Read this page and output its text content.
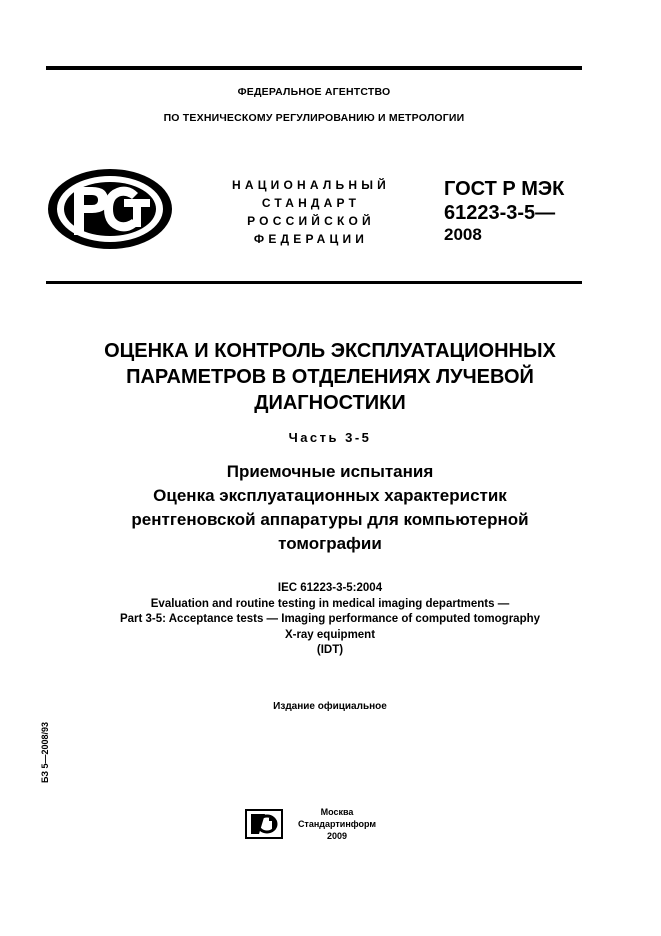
ФЕДЕРАЛЬНОЕ АГЕНТСТВО
ПО ТЕХНИЧЕСКОМУ РЕГУЛИРОВАНИЮ И МЕТРОЛОГИИ
НАЦИОНАЛЬНЫЙ
СТАНДАРТ
РОССИЙСКОЙ
ФЕДЕРАЦИИ
ГОСТ Р МЭК
61223-3-5—
2008
ОЦЕНКА И КОНТРОЛЬ ЭКСПЛУАТАЦИОННЫХ
ПАРАМЕТРОВ В ОТДЕЛЕНИЯХ ЛУЧЕВОЙ
ДИАГНОСТИКИ
Часть 3-5
Приемочные испытания
Оценка эксплуатационных характеристик
рентгеновской аппаратуры для компьютерной
томографии
IEC 61223-3-5:2004
Evaluation and routine testing in medical imaging departments —
Part 3-5: Acceptance tests — Imaging performance of computed tomography
X-ray equipment
(IDT)
Издание официальное
БЗ 5—2008/93
Москва
Стандартинформ
2009
